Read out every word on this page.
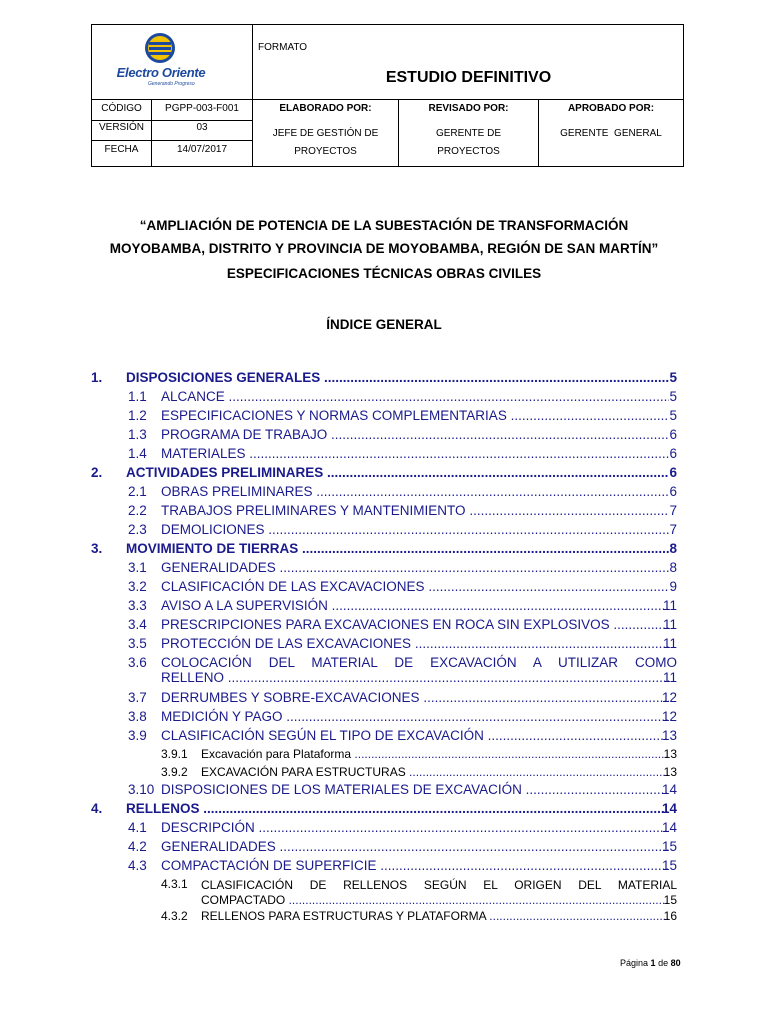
Electro Oriente
Generando Progreso
FORMATO
ESTUDIO DEFINITIVO
CÓDIGO	PGPP-003-F001
VERSIÓN	03
FECHA	14/07/2017
ELABORADO POR:
JEFE DE GESTIÓN DE
PROYECTOS
REVISADO POR:
GERENTE DE
PROYECTOS
APROBADO POR:
GERENTE  GENERAL
“AMPLIACIÓN DE POTENCIA DE LA SUBESTACIÓN DE TRANSFORMACIÓN
MOYOBAMBA, DISTRITO Y PROVINCIA DE MOYOBAMBA, REGIÓN DE SAN MARTÍN”
ESPECIFICACIONES TÉCNICAS OBRAS CIVILES
ÍNDICE GENERAL
1. DISPOSICIONES GENERALES .....	5
1.1 ALCANCE .....	5
1.2 ESPECIFICACIONES Y NORMAS COMPLEMENTARIAS .....	5
1.3 PROGRAMA DE TRABAJO .....	6
1.4 MATERIALES .....	6
2. ACTIVIDADES PRELIMINARES .....	6
2.1 OBRAS PRELIMINARES .....	6
2.2 TRABAJOS PRELIMINARES Y MANTENIMIENTO .....	7
2.3 DEMOLICIONES .....	7
3. MOVIMIENTO DE TIERRAS .....	8
3.1 GENERALIDADES .....	8
3.2 CLASIFICACIÓN DE LAS EXCAVACIONES .....	9
3.3 AVISO A LA SUPERVISIÓN .....	11
3.4 PRESCRIPCIONES PARA EXCAVACIONES EN ROCA SIN EXPLOSIVOS .....	11
3.5 PROTECCIÓN DE LAS EXCAVACIONES .....	11
3.6 COLOCACIÓN DEL MATERIAL DE EXCAVACIÓN A UTILIZAR COMO
RELLENO .....	11
3.7 DERRUMBES Y SOBRE-EXCAVACIONES .....	12
3.8 MEDICIÓN Y PAGO .....	12
3.9 CLASIFICACIÓN SEGÚN EL TIPO DE EXCAVACIÓN .....	13
3.9.1 Excavación para Plataforma .....	13
3.9.2 EXCAVACIÓN PARA ESTRUCTURAS .....	13
3.10 DISPOSICIONES DE LOS MATERIALES DE EXCAVACIÓN .....	14
4. RELLENOS .....	14
4.1 DESCRIPCIÓN .....	14
4.2 GENERALIDADES .....	15
4.3 COMPACTACIÓN DE SUPERFICIE .....	15
4.3.1 CLASIFICACIÓN DE RELLENOS SEGÚN EL ORIGEN DEL MATERIAL
COMPACTADO .....	15
4.3.2 RELLENOS PARA ESTRUCTURAS Y PLATAFORMA .....	16
Página 1 de 80
